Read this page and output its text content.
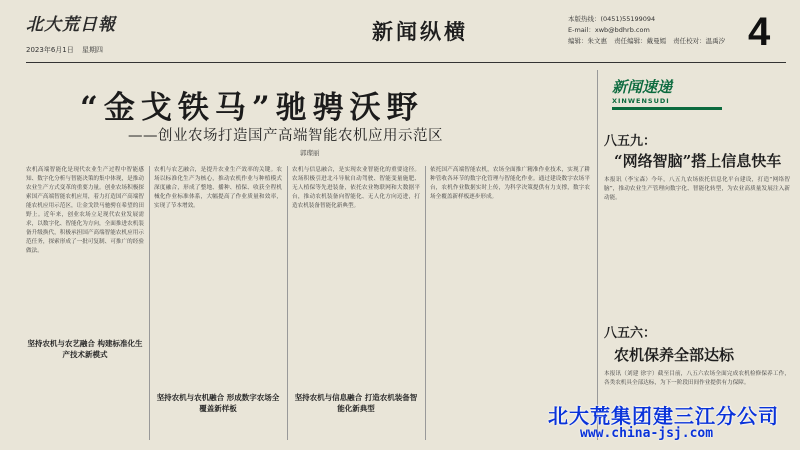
北大荒日報
2023年6月1日 星期四
新闻纵横	本版热线：(0451)55199094
E-mail：xwb@bdhrb.com
编辑：朱文惠 责任编辑：戴曼嫣 责任校对：温禹汐 4
“金戈铁马”驰骋沃野
——创业农场打造国产高端智能农机应用示范区
郭璨丽
农机高端智能化是现代农业生产过程中智能感知、数字化分析与智能决策的集中体现，是推动农业生产方式变革的重要力量。创业农场积极探索国产高端智能农机应用，着力打造国产高端智能农机应用示范区，让金戈铁马驰骋在希望的田野上。近年来，创业农场立足现代农业发展需求，以数字化、智能化为方向，全面推进农机装备升级换代，积极承担国产高端智能农机应用示范任务，探索形成了一批可复制、可推广的经验做法。
坚持农机与农艺融合 构建标准化生产技术新模式
农机与农艺融合，是提升农业生产效率的关键。农场以标准化生产为核心，推动农机作业与种植模式深度融合，形成了整地、播种、植保、收获全程机械化作业标准体系，大幅提高了作业质量和效率，实现了节本增效。
坚持农机与农机融合 形成数字农场全覆盖新样板
农机与信息融合，是实现农业智能化的重要途径。农场积极引进北斗导航自动驾驶、智能变量施肥、无人植保等先进装备，依托农业物联网和大数据平台，推动农机装备向智能化、无人化方向迈进，打造农机装备智能化新典型。
坚持农机与信息融合 打造农机装备智能化新典型
依托国产高端智能农机，农场全面推广精准作业技术，实现了耕种管收各环节的数字化管理与智能化作业。通过建设数字农场平台，农机作业数据实时上传，为科学决策提供有力支撑，数字农场全覆盖新样板逐步形成。
新闻速递
XINWENSUDI
八五九：
“网络智脑”搭上信息快车
本报讯（李宝森）今年，八五九农场依托信息化平台建设，打造“网络智脑”，推动农业生产管理向数字化、智能化转型，为农业高质量发展注入新动能。
八五六：
农机保养全部达标
本报讯（刘建 徐宇）截至目前，八五六农场全面完成农机检修保养工作，各类农机具全部达标，为下一阶段田间作业提供有力保障。
北大荒集团建三江分公司
www.china-jsj.com
